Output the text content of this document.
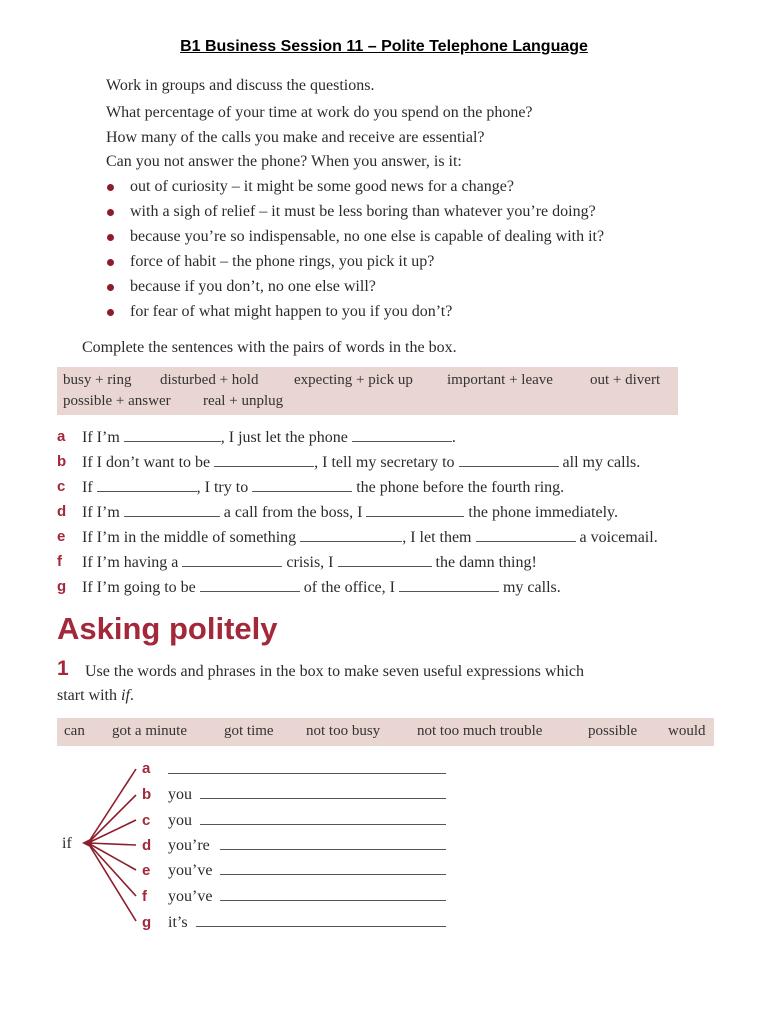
B1 Business Session 11 – Polite Telephone Language
Work in groups and discuss the questions.
What percentage of your time at work do you spend on the phone?
How many of the calls you make and receive are essential?
Can you not answer the phone? When you answer, is it:
out of curiosity – it might be some good news for a change?
with a sigh of relief – it must be less boring than whatever you’re doing?
because you’re so indispensable, no one else is capable of dealing with it?
force of habit – the phone rings, you pick it up?
because if you don’t, no one else will?
for fear of what might happen to you if you don’t?
Complete the sentences with the pairs of words in the box.
busy + ring disturbed + hold expecting + pick up important + leave out + divert
possible + answer real + unplug
a If I’m	, I just let the phone	.
b If I don’t want to be	, I tell my secretary to	all my calls.
c If	, I try to	the phone before the fourth ring.
d If I’m	a call from the boss, I	the phone immediately.
e If I’m in the middle of something	, I let them	a voicemail.
f If I’m having a	crisis, I	the damn thing!
g If I’m going to be	of the office, I	my calls.
Asking politely
1 Use the words and phrases in the box to make seven useful expressions which
start with if.
can got a minute got time not too busy not too much trouble	possible would
if
a
b you
c you
d you’re
e you’ve
f you’ve
g it’s
